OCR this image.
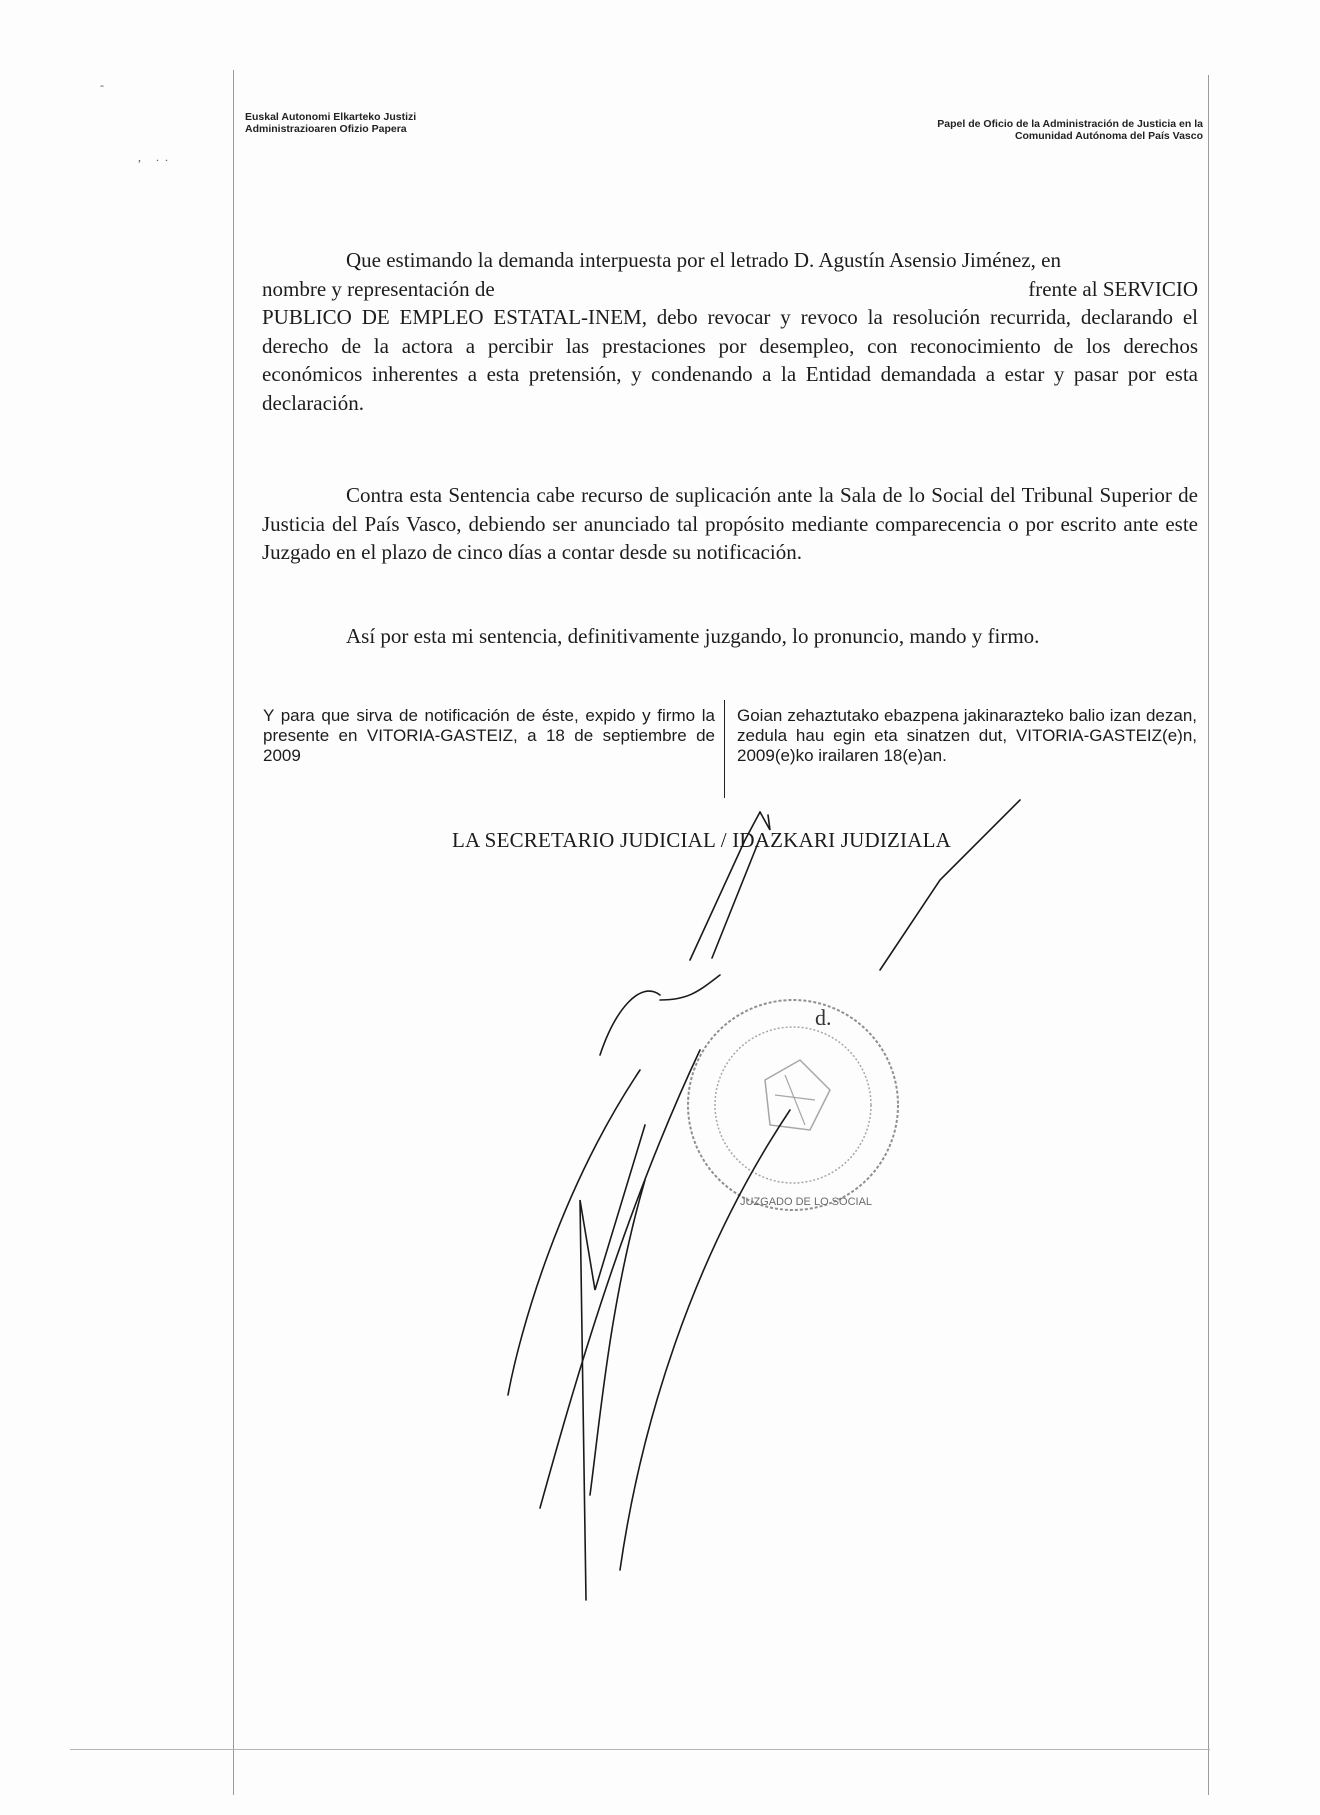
-
, ..
Euskal Autonomi Elkarteko Justizi
Administrazioaren Ofizio Papera	Papel de Oficio de la Administración de Justicia en la
Comunidad Autónoma del País Vasco
Que estimando la demanda interpuesta por el letrado D. Agustín Asensio Jiménez, en
nombre y representación de	frente al SERVICIO
PUBLICO DE EMPLEO ESTATAL-INEM, debo revocar y revoco la resolución recurrida, declarando el derecho de la actora a percibir las prestaciones por desempleo, con reconocimiento de los derechos económicos inherentes a esta pretensión, y condenando a la Entidad demandada a estar y pasar por esta declaración.
Contra esta Sentencia cabe recurso de suplicación ante la Sala de lo Social del Tribunal Superior de Justicia del País Vasco, debiendo ser anunciado tal propósito mediante comparecencia o por escrito ante este Juzgado en el plazo de cinco días a contar desde su notificación.
Así por esta mi sentencia, definitivamente juzgando, lo pronuncio, mando y firmo.
Y para que sirva de notificación de éste, expido y firmo la presente en VITORIA-GASTEIZ, a 18 de septiembre de 2009
Goian zehaztutako ebazpena jakinarazteko balio izan dezan, zedula hau egin eta sinatzen dut, VITORIA-GASTEIZ(e)n, 2009(e)ko irailaren 18(e)an.
LA SECRETARIO JUDICIAL / IDAZKARI JUDIZIALA
JUZGADO DE LO SOCIAL
d.
